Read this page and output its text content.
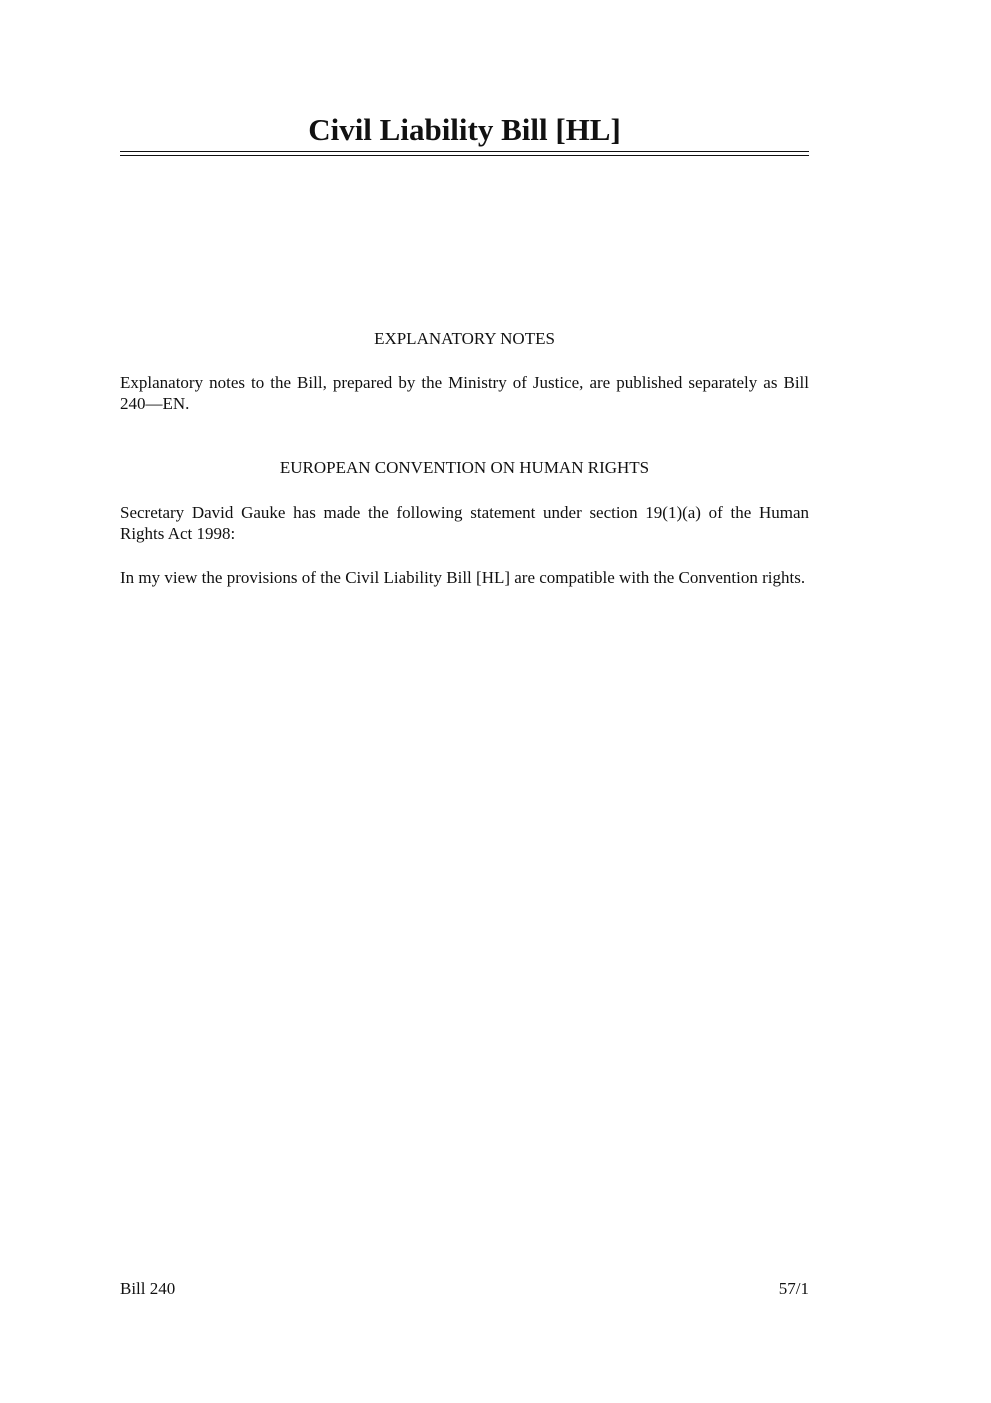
Civil Liability Bill [HL]

EXPLANATORY NOTES

Explanatory notes to the Bill, prepared by the Ministry of Justice, are published separately as Bill 240—EN.

EUROPEAN CONVENTION ON HUMAN RIGHTS

Secretary David Gauke has made the following statement under section 19(1)(a) of the Human Rights Act 1998:

In my view the provisions of the Civil Liability Bill [HL] are compatible with the Convention rights.

Bill 240	57/1
